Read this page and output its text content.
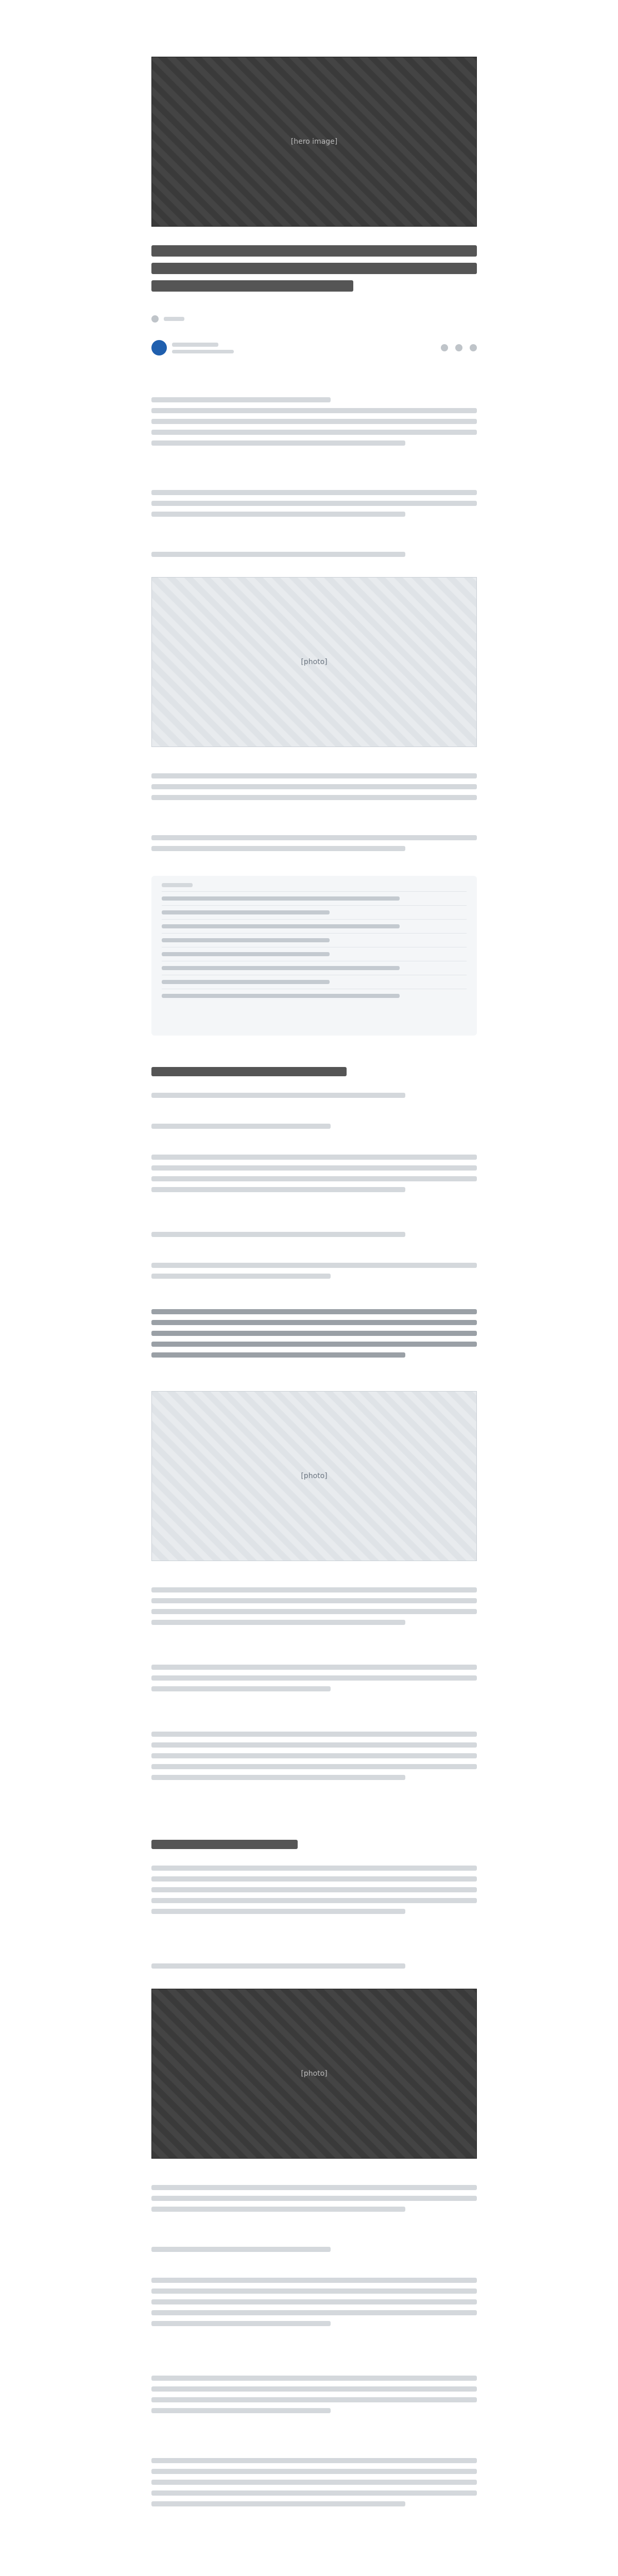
[hero image]
[photo]
[photo]
[photo]
